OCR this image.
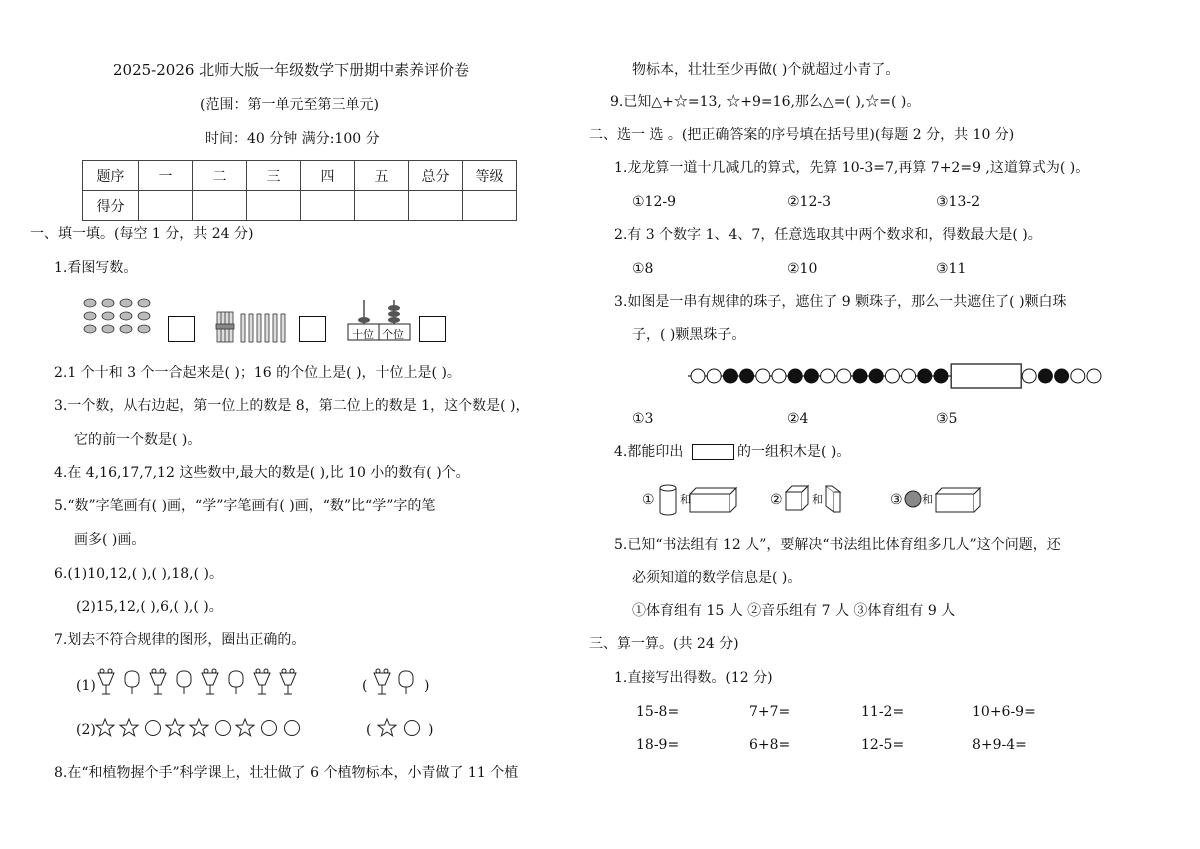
2025-2026 北师大版一年级数学下册期中素养评价卷
(范围：第一单元至第三单元)
时间：40 分钟 满分:100 分
题序	一	二	三	四	五	总分	等级
得分							
一、填一填。(每空 1 分，共 24 分)
1.看图写数。
十位 个位
2.1 个十和 3 个一合起来是( )；16 的个位上是( )，十位上是( )。
3.一个数，从右边起，第一位上的数是 8，第二位上的数是 1，这个数是( )，
它的前一个数是( )。
4.在 4,16,17,7,12 这些数中,最大的数是( ),比 10 小的数有( )个。
5.“数”字笔画有( )画，“学”字笔画有( )画，“数”比“学”字的笔
画多( )画。
6.(1)10,12,( ),( ),18,( )。
(2)15,12,( ),6,( ),( )。
7.划去不符合规律的图形，圈出正确的。
(1)	(	)
(2)	(	)
8.在“和植物握个手”科学课上，壮壮做了 6 个植物标本，小青做了 11 个植
物标本，壮壮至少再做( )个就超过小青了。
9.已知△+☆=13, ☆+9=16,那么△=( ),☆=( )。
二、选一 选 。(把正确答案的序号填在括号里)(每题 2 分，共 10 分)
1.龙龙算一道十几减几的算式，先算 10-3=7,再算 7+2=9 ,这道算式为( )。
①12-9	②12-3	③13-2
2.有 3 个数字 1、4、7，任意选取其中两个数求和，得数最大是( )。
①8	②10	③11
3.如图是一串有规律的珠子，遮住了 9 颗珠子，那么一共遮住了( )颗白珠
子，( )颗黑珠子。
①3	②4	③5
4.都能印出	的一组积木是( )。
① 和	②	和	③ 和
5.已知“书法组有 12 人”，要解决“书法组比体育组多几人”这个问题，还
必须知道的数学信息是( )。
①体育组有 15 人 ②音乐组有 7 人 ③体育组有 9 人
三、算一算。(共 24 分)
1.直接写出得数。(12 分)
15-8=	7+7=	11-2=	10+6-9=
18-9=	6+8=	12-5=	8+9-4=
